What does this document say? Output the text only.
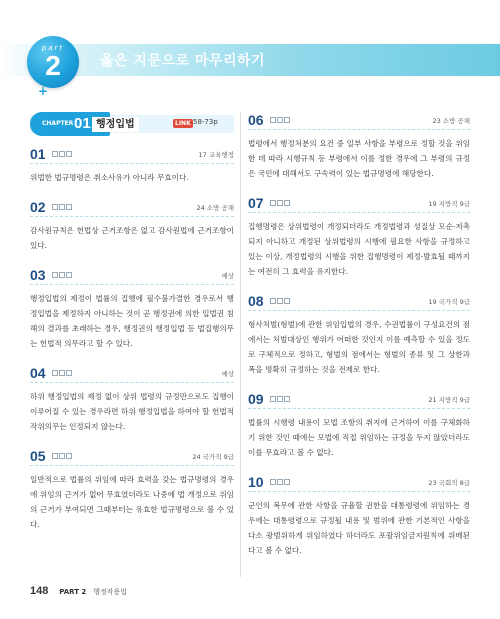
part
2
+
옳은 지문으로 마무리하기
CHAPTER 01 행정입법	LINK 58-73p
01	17 교육행정

위법한 법규명령은 취소사유가 아니라 무효이다.

02	24 소방 공채

감사원규칙은 헌법상 근거조항은 없고 감사원법에 근거조항이 있다.

03	예상

행정입법의 제정이 법률의 집행에 필수불가결한 경우로서 행정입법을 제정하지 아니하는 것이 곧 행정권에 의한 입법권 침해의 결과를 초래하는 경우, 행정권의 행정입법 등 법집행의무는 헌법적 의무라고 할 수 있다.

04	예상

하위 행정입법의 제정 없이 상위 법령의 규정만으로도 집행이 이루어질 수 있는 경우라면 하위 행정입법을 하여야 할 헌법적 작위의무는 인정되지 않는다.

05	24 국가직 9급

일반적으로 법률의 위임에 따라 효력을 갖는 법규명령의 경우에 위임의 근거가 없어 무효였더라도 나중에 법 개정으로 위임의 근거가 부여되면 그때부터는 유효한 법규명령으로 볼 수 있다.

06	23 소방 공채

법령에서 행정처분의 요건 중 일부 사항을 부령으로 정할 것을 위임한 데 따라 시행규칙 등 부령에서 이를 정한 경우에 그 부령의 규정은 국민에 대해서도 구속력이 있는 법규명령에 해당한다.

07	19 지방직 9급

집행명령은 상위법령이 개정되더라도 개정법령과 성질상 모순·저촉되지 아니하고 개정된 상위법령의 시행에 필요한 사항을 규정하고 있는 이상, 개정법령의 시행을 위한 집행명령이 제정·발효될 때까지는 여전히 그 효력을 유지한다.

08	19 국가직 9급

형사처벌(형벌)에 관한 위임입법의 경우, 수권법률이 구성요건의 점에서는 처벌대상인 행위가 어떠한 것인지 이를 예측할 수 있을 정도로 구체적으로 정하고, 형벌의 점에서는 형벌의 종류 및 그 상한과 폭을 명확히 규정하는 것을 전제로 한다.

09	21 지방직 9급

법률의 시행령 내용이 모법 조항의 취지에 근거하여 이를 구체화하기 위한 것인 때에는 모법에 직접 위임하는 규정을 두지 않았더라도 이를 무효라고 볼 수 없다.

10	23 국회직 8급

군인의 복무에 관한 사항을 규율할 권한을 대통령령에 위임하는 경우에는 대통령령으로 규정될 내용 및 범위에 관한 기본적인 사항을 다소 광범위하게 위임하였다 하더라도 포괄위임금지원칙에 위배된다고 볼 수 없다.

148 PART 2 행정작용법
